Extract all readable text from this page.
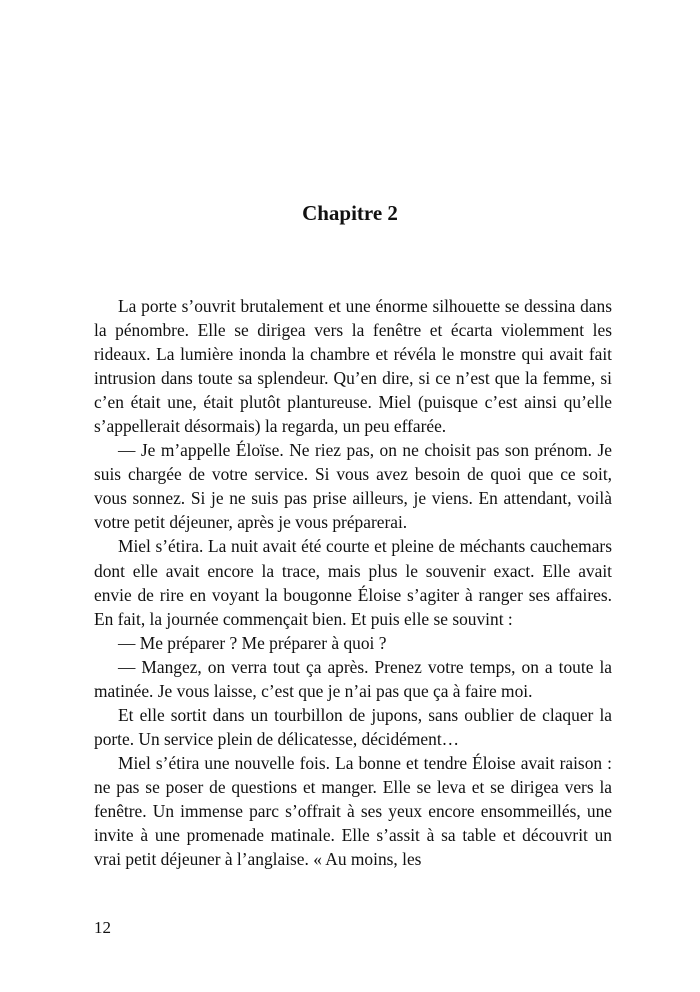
Chapitre 2

La porte s’ouvrit brutalement et une énorme silhouette se dessina dans la pénombre. Elle se dirigea vers la fenêtre et écarta violemment les rideaux. La lumière inonda la chambre et révéla le monstre qui avait fait intrusion dans toute sa splendeur. Qu’en dire, si ce n’est que la femme, si c’en était une, était plutôt plantureuse. Miel (puisque c’est ainsi qu’elle s’appellerait désormais) la regarda, un peu effarée.

— Je m’appelle Éloïse. Ne riez pas, on ne choisit pas son prénom. Je suis chargée de votre service. Si vous avez besoin de quoi que ce soit, vous sonnez. Si je ne suis pas prise ailleurs, je viens. En attendant, voilà votre petit déjeuner, après je vous préparerai.

Miel s’étira. La nuit avait été courte et pleine de méchants cauchemars dont elle avait encore la trace, mais plus le souvenir exact. Elle avait envie de rire en voyant la bougonne Éloise s’agiter à ranger ses affaires. En fait, la journée commençait bien. Et puis elle se souvint :

— Me préparer ? Me préparer à quoi ?

— Mangez, on verra tout ça après. Prenez votre temps, on a toute la matinée. Je vous laisse, c’est que je n’ai pas que ça à faire moi.

Et elle sortit dans un tourbillon de jupons, sans oublier de claquer la porte. Un service plein de délicatesse, décidément…

Miel s’étira une nouvelle fois. La bonne et tendre Éloise avait raison : ne pas se poser de questions et manger. Elle se leva et se dirigea vers la fenêtre. Un immense parc s’offrait à ses yeux encore ensommeillés, une invite à une promenade matinale. Elle s’assit à sa table et découvrit un vrai petit déjeuner à l’anglaise. « Au moins, les

12
